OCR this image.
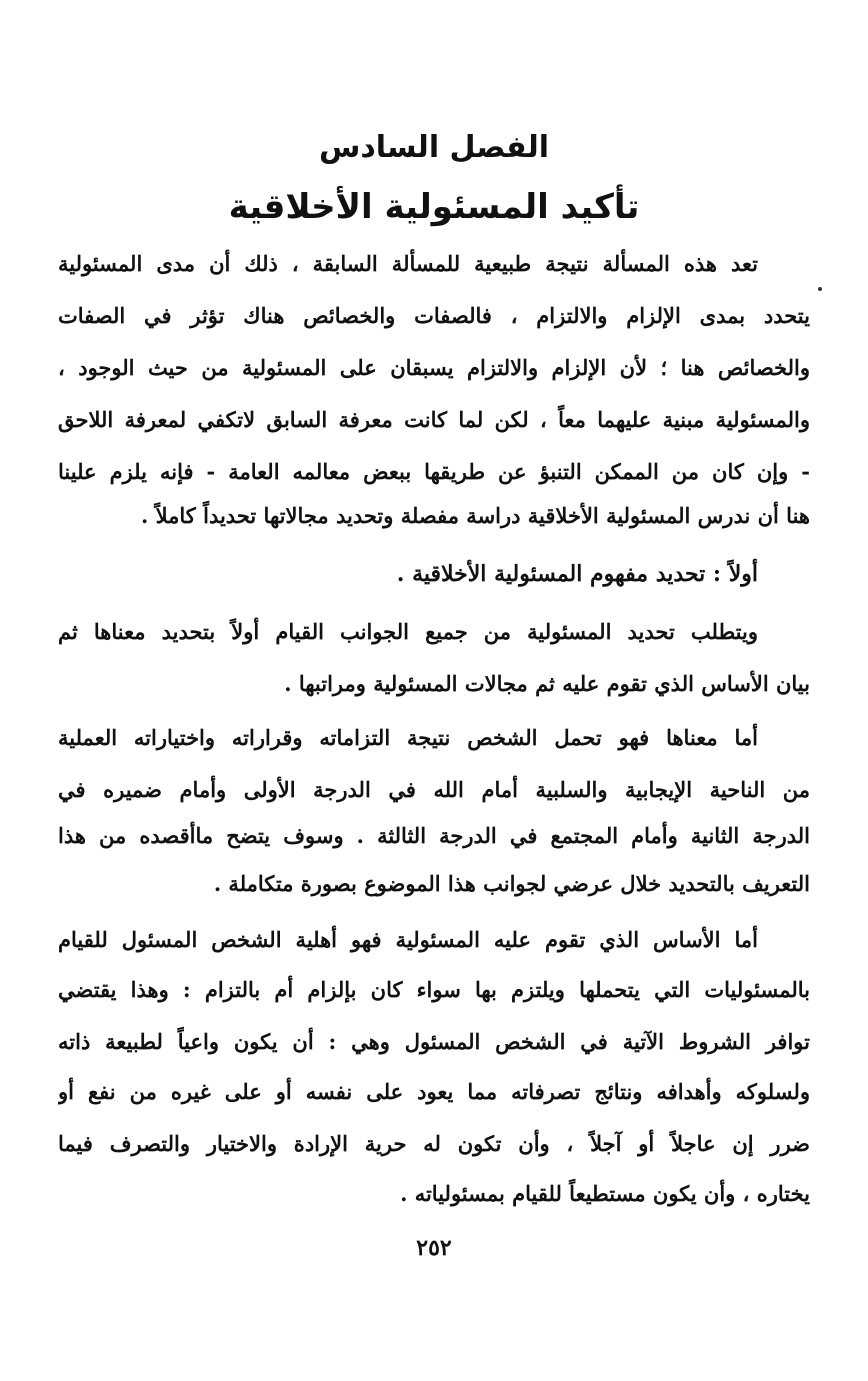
الفصل السادس
تأكيد المسئولية الأخلاقية
تعد هذه المسألة نتيجة طبيعية للمسألة السابقة ، ذلك أن مدى المسئولية
يتحدد بمدى الإلزام والالتزام ، فالصفات والخصائص هناك تؤثر في الصفات
والخصائص هنا ؛ لأن الإلزام والالتزام يسبقان على المسئولية من حيث الوجود ،
والمسئولية مبنية عليهما معاً ، لكن لما كانت معرفة السابق لاتكفي لمعرفة اللاحق
- وإن كان من الممكن التنبؤ عن طريقها ببعض معالمه العامة - فإنه يلزم علينا
هنا أن ندرس المسئولية الأخلاقية دراسة مفصلة وتحديد مجالاتها تحديداً كاملاً .
أولاً : تحديد مفهوم المسئولية الأخلاقية .
ويتطلب تحديد المسئولية من جميع الجوانب القيام أولاً بتحديد معناها ثم
بيان الأساس الذي تقوم عليه ثم مجالات المسئولية ومراتبها .
أما معناها فهو تحمل الشخص نتيجة التزاماته وقراراته واختياراته العملية
من الناحية الإيجابية والسلبية أمام الله في الدرجة الأولى وأمام ضميره في
الدرجة الثانية وأمام المجتمع في الدرجة الثالثة . وسوف يتضح ماأقصده من هذا
التعريف بالتحديد خلال عرضي لجوانب هذا الموضوع بصورة متكاملة .
أما الأساس الذي تقوم عليه المسئولية فهو أهلية الشخص المسئول للقيام
بالمسئوليات التي يتحملها ويلتزم بها سواء كان بإلزام أم بالتزام : وهذا يقتضي
توافر الشروط الآتية في الشخص المسئول وهي : أن يكون واعياً لطبيعة ذاته
ولسلوكه وأهدافه ونتائج تصرفاته مما يعود على نفسه أو على غيره من نفع أو
ضرر إن عاجلاً أو آجلاً ، وأن تكون له حرية الإرادة والاختيار والتصرف فيما
يختاره ، وأن يكون مستطيعاً للقيام بمسئولياته .
٢٥٢
